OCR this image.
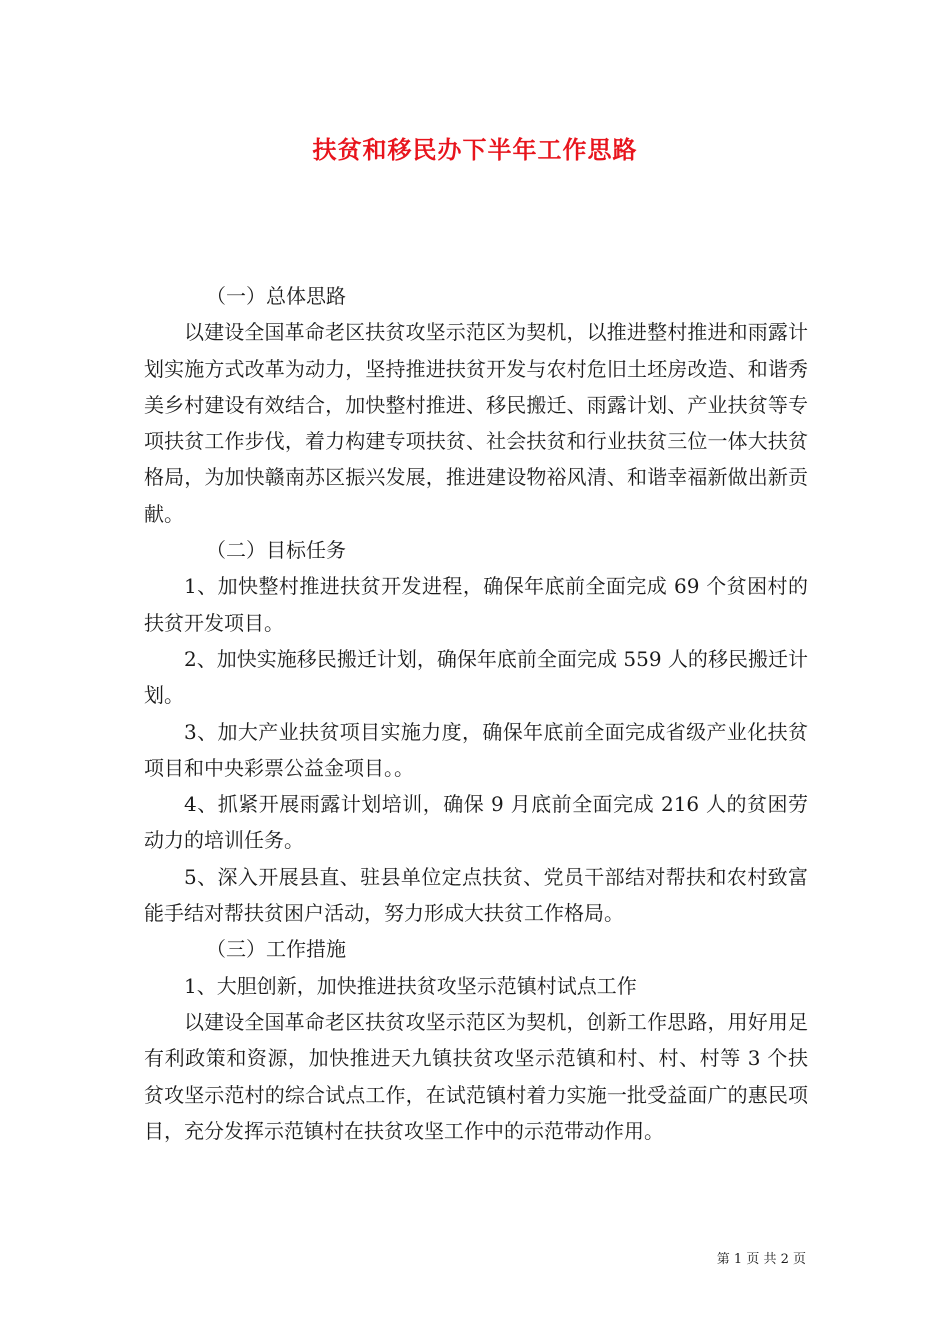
扶贫和移民办下半年工作思路

（一）总体思路

以建设全国革命老区扶贫攻坚示范区为契机，以推进整村推进和雨露计划实施方式改革为动力，坚持推进扶贫开发与农村危旧土坯房改造、和谐秀美乡村建设有效结合，加快整村推进、移民搬迁、雨露计划、产业扶贫等专项扶贫工作步伐，着力构建专项扶贫、社会扶贫和行业扶贫三位一体大扶贫格局，为加快赣南苏区振兴发展，推进建设物裕风清、和谐幸福新做出新贡献。

（二）目标任务

1、加快整村推进扶贫开发进程，确保年底前全面完成 69 个贫困村的扶贫开发项目。

2、加快实施移民搬迁计划，确保年底前全面完成 559 人的移民搬迁计划。

3、加大产业扶贫项目实施力度，确保年底前全面完成省级产业化扶贫项目和中央彩票公益金项目。。

4、抓紧开展雨露计划培训，确保 9 月底前全面完成 216 人的贫困劳动力的培训任务。

5、深入开展县直、驻县单位定点扶贫、党员干部结对帮扶和农村致富能手结对帮扶贫困户活动，努力形成大扶贫工作格局。

（三）工作措施

1、大胆创新，加快推进扶贫攻坚示范镇村试点工作

以建设全国革命老区扶贫攻坚示范区为契机，创新工作思路，用好用足有利政策和资源，加快推进天九镇扶贫攻坚示范镇和村、村、村等 3 个扶贫攻坚示范村的综合试点工作，在试范镇村着力实施一批受益面广的惠民项目，充分发挥示范镇村在扶贫攻坚工作中的示范带动作用。

第 1 页 共 2 页
